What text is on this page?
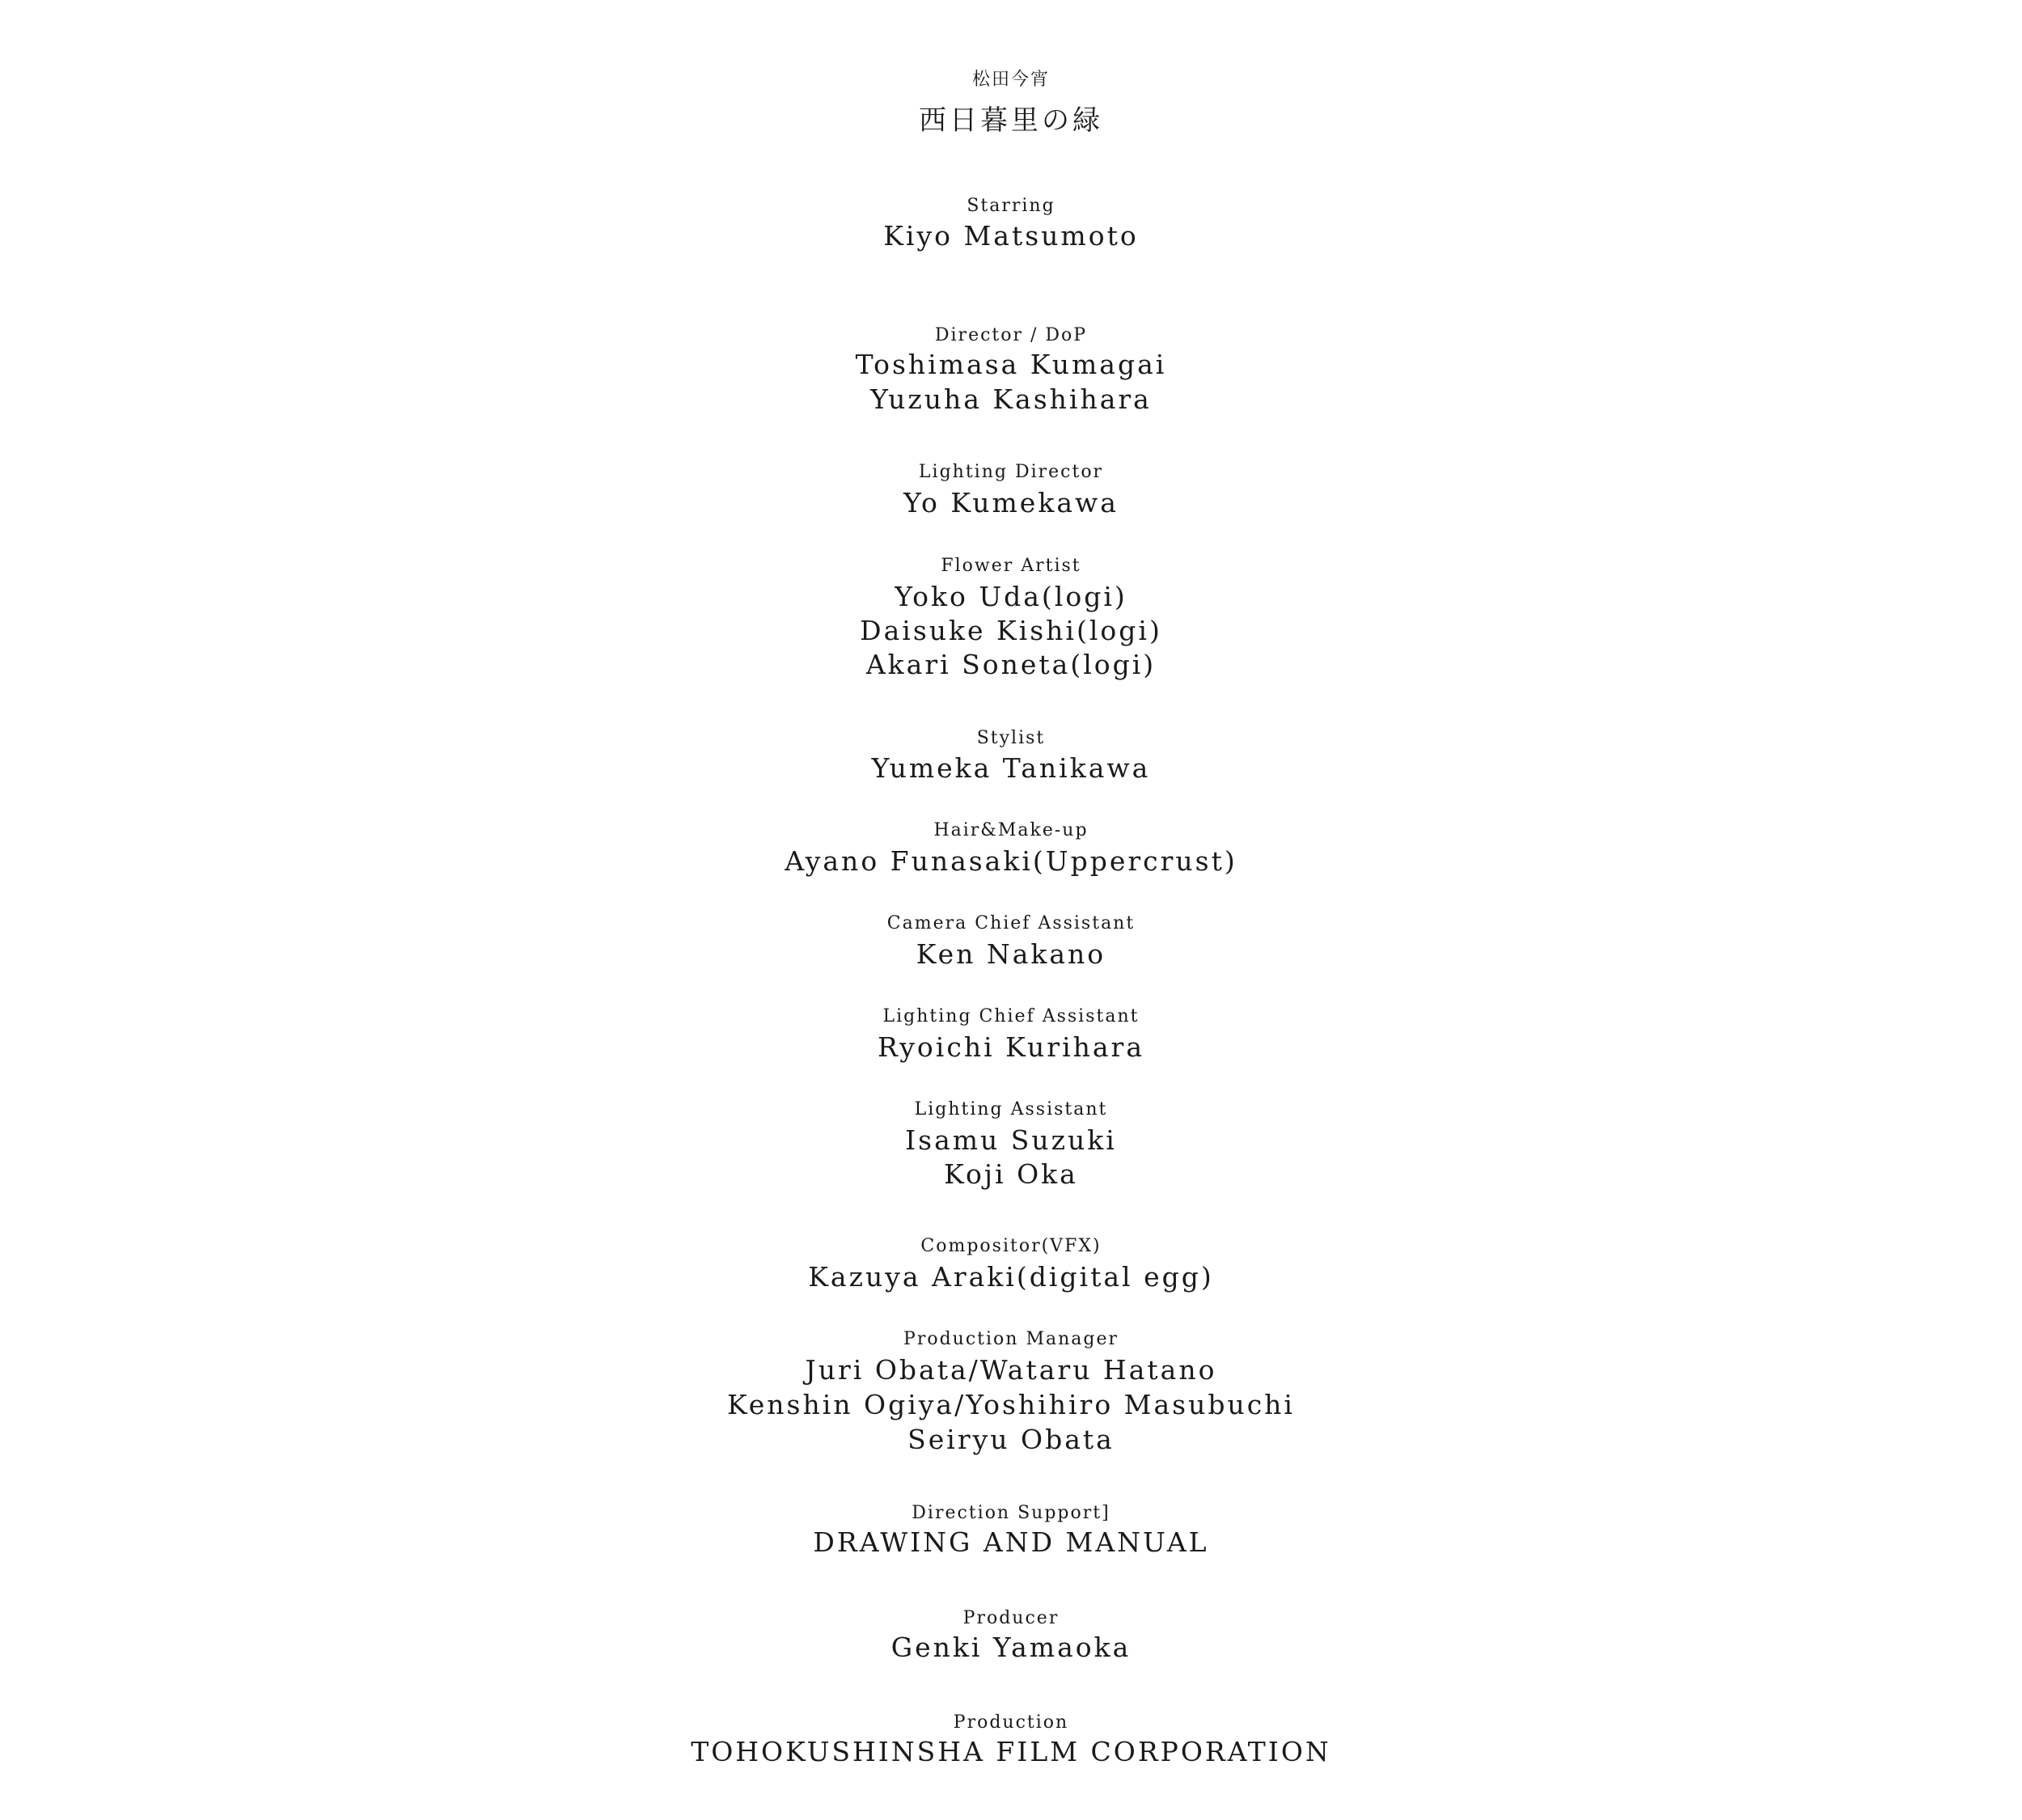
松田今宵
西日暮里の緑
Starring
Kiyo Matsumoto
Director / DoP
Toshimasa Kumagai
Yuzuha Kashihara
Lighting Director
Yo Kumekawa
Flower Artist
Yoko Uda(logi)
Daisuke Kishi(logi)
Akari Soneta(logi)
Stylist
Yumeka Tanikawa
Hair&Make-up
Ayano Funasaki(Uppercrust)
Camera Chief Assistant
Ken Nakano
Lighting Chief Assistant
Ryoichi Kurihara
Lighting Assistant
Isamu Suzuki
Koji Oka
Compositor(VFX)
Kazuya Araki(digital egg)
Production Manager
Juri Obata/Wataru Hatano
Kenshin Ogiya/Yoshihiro Masubuchi
Seiryu Obata
Direction Support]
DRAWING AND MANUAL
Producer
Genki Yamaoka
Production
TOHOKUSHINSHA FILM CORPORATION
